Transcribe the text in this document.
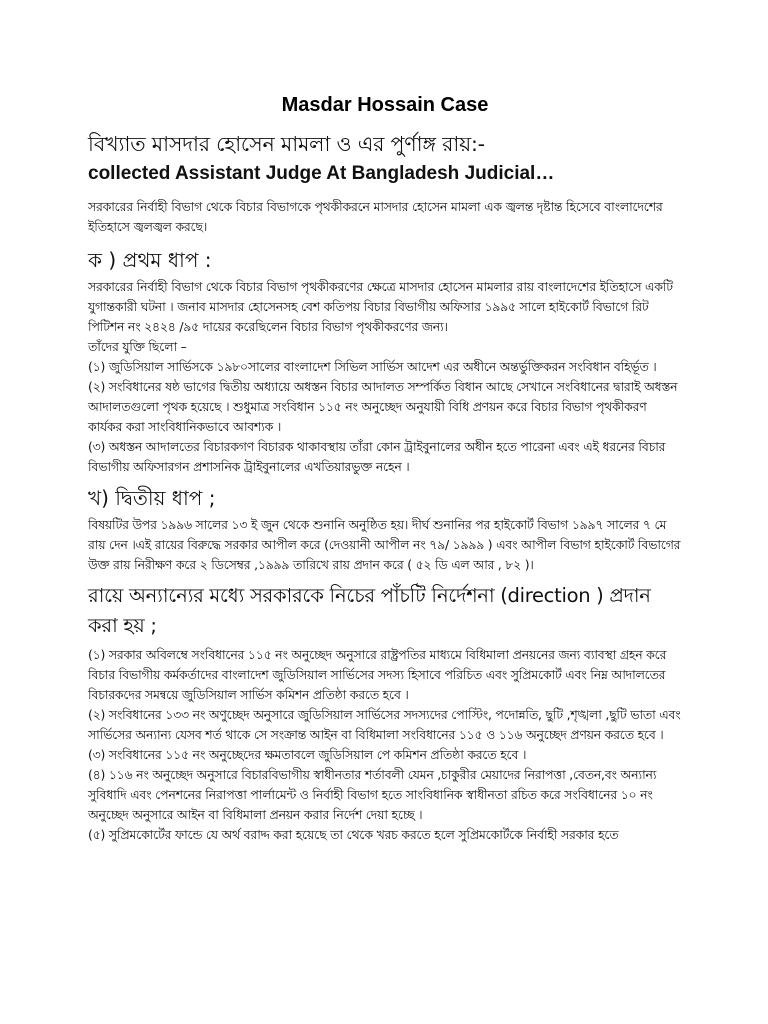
Masdar Hossain Case
বিখ্যাত মাসদার হোসেন মামলা ও এর পুর্ণাঙ্গ রায়:-
collected Assistant Judge At Bangladesh Judicial…

সরকারের নির্বাহী বিভাগ থেকে বিচার বিভাগকে পৃথকীকরনে মাসদার হোসেন মামলা এক জ্বলন্ত দৃষ্টান্ত হিসেবে বাংলাদেশের ইতিহাসে জ্বলজ্বল করছে।

ক ) প্রথম ধাপ :

সরকারের নির্বাহী বিভাগ থেকে বিচার বিভাগ পৃথকীকরণের ক্ষেত্রে মাসদার হোসেন মামলার রায় বাংলাদেশের ইতিহাসে একটি যুগান্তকারী ঘটনা । জনাব মাসদার হোসেনসহ বেশ কতিপয় বিচার বিভাগীয় অফিসার ১৯৯৫ সালে হাইকোর্ট বিভাগে রিট পিটিশন নং ২৪২৪ /৯৫ দায়ের করেছিলেন বিচার বিভাগ পৃথকীকরণের জন্য।

তাঁদের যুক্তি ছিলো –

(১) জুডিসিয়াল সার্ভিসকে ১৯৮০সালের বাংলাদেশ সিভিল সার্ভিস আদেশ এর অধীনে অন্তর্ভুক্তিকরন সংবিধান বহির্ভূত ।

(২) সংবিধানের ষষ্ঠ ভাগের দ্বিতীয় অধ্যায়ে অধস্তন বিচার আদালত সম্পর্কিত বিধান আছে সেখানে সংবিধানের দ্বারাই অধস্তন আদালতগুলো পৃথক হয়েছে । শুধুমাত্র সংবিধান ১১৫ নং অনুচ্ছেদ অনুযায়ী বিধি প্রণয়ন করে বিচার বিভাগ পৃথকীকরণ কার্যকর করা সাংবিধানিকভাবে আবশ্যক ।

(৩) অধস্তন আদালতের বিচারকগণ বিচারক থাকাবস্থায় তাঁরা কোন ট্রাইবুনালের অধীন হতে পারেনা এবং এই ধরনের বিচার বিভাগীয় অফিসারগন প্রশাসনিক ট্রাইবুনালের এখতিয়ারভুক্ত নহেন ।

খ) দ্বিতীয় ধাপ ;

বিষয়টির উপর ১৯৯৬ সালের ১৩ ই জুন থেকে শুনানি অনুষ্ঠিত হয়। দীর্ঘ শুনানির পর হাইকোর্ট বিভাগ ১৯৯৭ সালের ৭ মে রায় দেন ।এই রায়ের বিরুদ্ধে সরকার আপীল করে (দেওয়ানী আপীল নং ৭৯/ ১৯৯৯ ) এবং আপীল বিভাগ হাইকোর্ট বিভাগের উক্ত রায় নিরীক্ষণ করে ২ ডিসেম্বর ,১৯৯৯ তারিখে রায় প্রদান করে ( ৫২ ডি এল আর , ৮২ )।

রায়ে অন্যান্যের মধ্যে সরকারকে নিচের পাঁচটি নির্দেশনা (direction ) প্রদান করা হয় ;

(১) সরকার অবিলম্বে সংবিধানের ১১৫ নং অনুচ্ছেদ অনুসারে রাষ্ট্রপতির মাধ্যমে বিধিমালা প্রনয়নের জন্য ব্যাবস্থা গ্রহন করে বিচার বিভাগীয় কর্মকর্তাদের বাংলাদেশ জুডিসিয়াল সার্ভিসের সদস্য হিসাবে পরিচিত এবং সুপ্রিমকোর্ট এবং নিম্ন আদালতের বিচারকদের সমন্বয়ে জুডিসিয়াল সার্ভিস কমিশন প্রতিষ্ঠা করতে হবে ।

(২) সংবিধানের ১৩৩ নং অণুচ্ছেদ অনুসারে জুডিসিয়াল সার্ভিসের সদস্যদের পোস্টিং, পদোন্নতি, ছুটি ,শৃঙ্খলা ,ছুটি ভাতা এবং সার্ভিসের অন্যান্য যেসব শর্ত থাকে সে সংক্রান্ত আইন বা বিধিমালা সংবিধানের ১১৫ ও ১১৬ অনুচ্ছেদ প্রণয়ন করতে হবে ।

(৩) সংবিধানের ১১৫ নং অনুচ্ছেদের ক্ষমতাবলে জুডিসিয়াল পে কমিশন প্রতিষ্ঠা করতে হবে ।

(৪) ১১৬ নং অনুচ্ছেদ অনুসারে বিচারবিভাগীয় স্বাধীনতার শর্তাবলী যেমন ,চাকুরীর মেয়াদের নিরাপত্তা ,বেতন,বং অন্যান্য সুবিধাদি এবং পেনশনের নিরাপত্তা পার্লামেন্ট ও নির্বাহী বিভাগ হতে সাংবিধানিক স্বাধীনতা রচিত করে সংবিধানের ১০ নং অনুচ্ছেদ অনুসারে আইন বা বিধিমালা প্রনয়ন করার নির্দেশ দেয়া হচ্ছে ।

(৫) সুপ্রিমকোর্টের ফান্ডে যে অর্থ বরাদ্দ করা হয়েছে তা থেকে খরচ করতে হলে সুপ্রিমকোর্টকে নির্বাহী সরকার হতে
